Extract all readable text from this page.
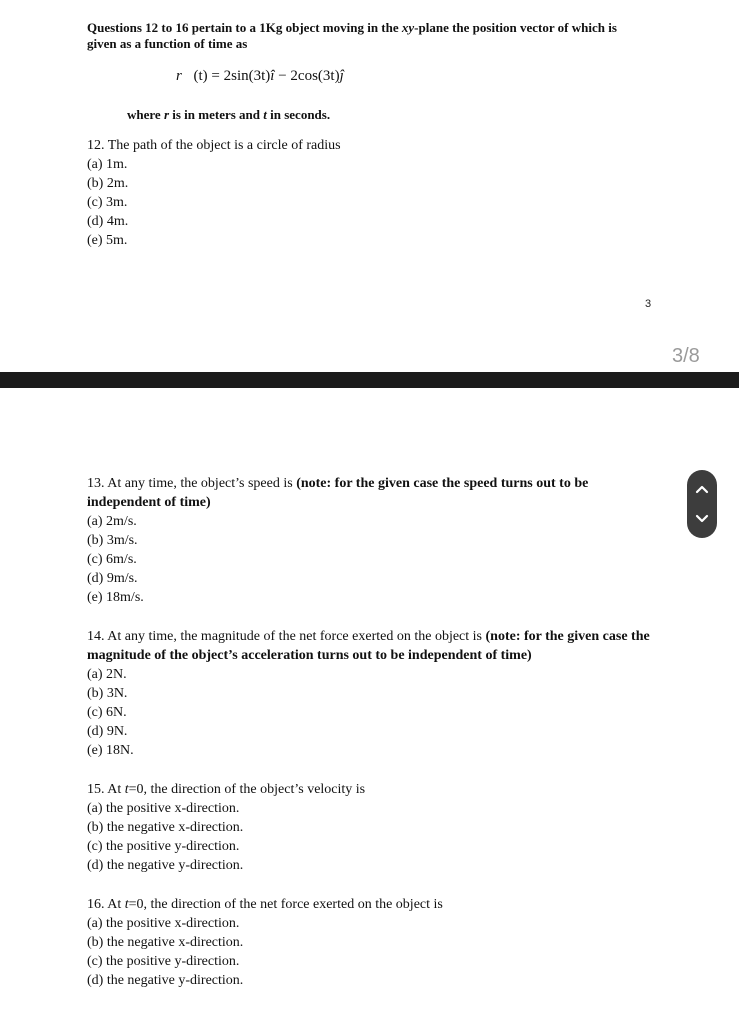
Questions 12 to 16 pertain to a 1Kg object moving in the xy-plane the position vector of which is given as a function of time as
r(t) = 2sin(3t)i − 2cos(3t)j
where r is in meters and t in seconds.

12. The path of the object is a circle of radius

(a) 1m.

(b) 2m.

(c) 3m.

(d) 4m.

(e) 5m.

3
3/8

13. At any time, the object’s speed is (note: for the given case the speed turns out to be independent of time)

(a) 2m/s.

(b) 3m/s.

(c) 6m/s.

(d) 9m/s.

(e) 18m/s.

14. At any time, the magnitude of the net force exerted on the object is (note: for the given case the magnitude of the object’s acceleration turns out to be independent of time)

(a) 2N.

(b) 3N.

(c) 6N.

(d) 9N.

(e) 18N.

15. At t=0, the direction of the object’s velocity is

(a) the positive x-direction.

(b) the negative x-direction.

(c) the positive y-direction.

(d) the negative y-direction.

16. At t=0, the direction of the net force exerted on the object is

(a) the positive x-direction.

(b) the negative x-direction.

(c) the positive y-direction.

(d) the negative y-direction.
